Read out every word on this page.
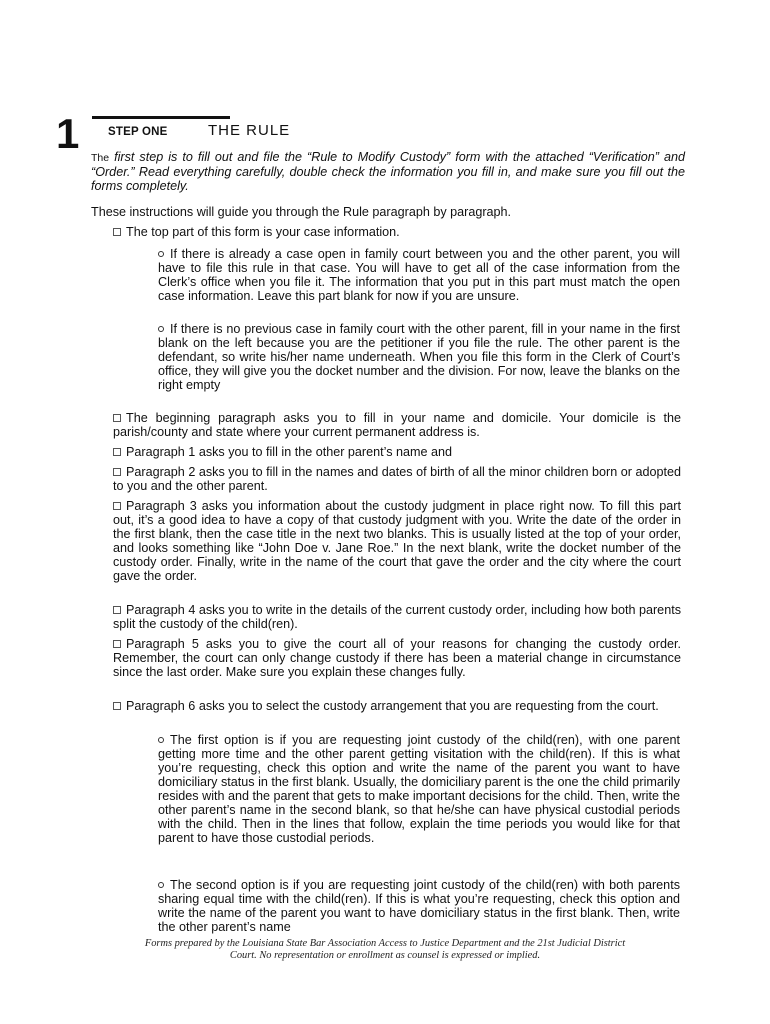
1 STEP ONE	THE RULE
The first step is to fill out and file the “Rule to Modify Custody” form with the attached “Verification” and “Order.” Read everything carefully, double check the information you fill in, and make sure you fill out the forms completely.
These instructions will guide you through the Rule paragraph by paragraph.
The top part of this form is your case information.
If there is already a case open in family court between you and the other parent, you will have to file this rule in that case. You will have to get all of the case information from the Clerk’s office when you file it. The information that you put in this part must match the open case information. Leave this part blank for now if you are unsure.
If there is no previous case in family court with the other parent, fill in your name in the first blank on the left because you are the petitioner if you file the rule. The other parent is the defendant, so write his/her name underneath. When you file this form in the Clerk of Court’s office, they will give you the docket number and the division. For now, leave the blanks on the right empty
The beginning paragraph asks you to fill in your name and domicile. Your domicile is the parish/county and state where your current permanent address is.
Paragraph 1 asks you to fill in the other parent’s name and
Paragraph 2 asks you to fill in the names and dates of birth of all the minor children born or adopted to you and the other parent.
Paragraph 3 asks you information about the custody judgment in place right now. To fill this part out, it’s a good idea to have a copy of that custody judgment with you. Write the date of the order in the first blank, then the case title in the next two blanks. This is usually listed at the top of your order, and looks something like “John Doe v. Jane Roe.” In the next blank, write the docket number of the custody order. Finally, write in the name of the court that gave the order and the city where the court gave the order.
Paragraph 4 asks you to write in the details of the current custody order, including how both parents split the custody of the child(ren).
Paragraph 5 asks you to give the court all of your reasons for changing the custody order. Remember, the court can only change custody if there has been a material change in circumstance since the last order. Make sure you explain these changes fully.
Paragraph 6 asks you to select the custody arrangement that you are requesting from the court.
The first option is if you are requesting joint custody of the child(ren), with one parent getting more time and the other parent getting visitation with the child(ren). If this is what you’re requesting, check this option and write the name of the parent you want to have domiciliary status in the first blank. Usually, the domiciliary parent is the one the child primarily resides with and the parent that gets to make important decisions for the child. Then, write the other parent’s name in the second blank, so that he/she can have physical custodial periods with the child. Then in the lines that follow, explain the time periods you would like for that parent to have those custodial periods.
The second option is if you are requesting joint custody of the child(ren) with both parents sharing equal time with the child(ren). If this is what you’re requesting, check this option and write the name of the parent you want to have domiciliary status in the first blank. Then, write the other parent’s name
Forms prepared by the Louisiana State Bar Association Access to Justice Department and the 21st Judicial District
Court. No representation or enrollment as counsel is expressed or implied.
